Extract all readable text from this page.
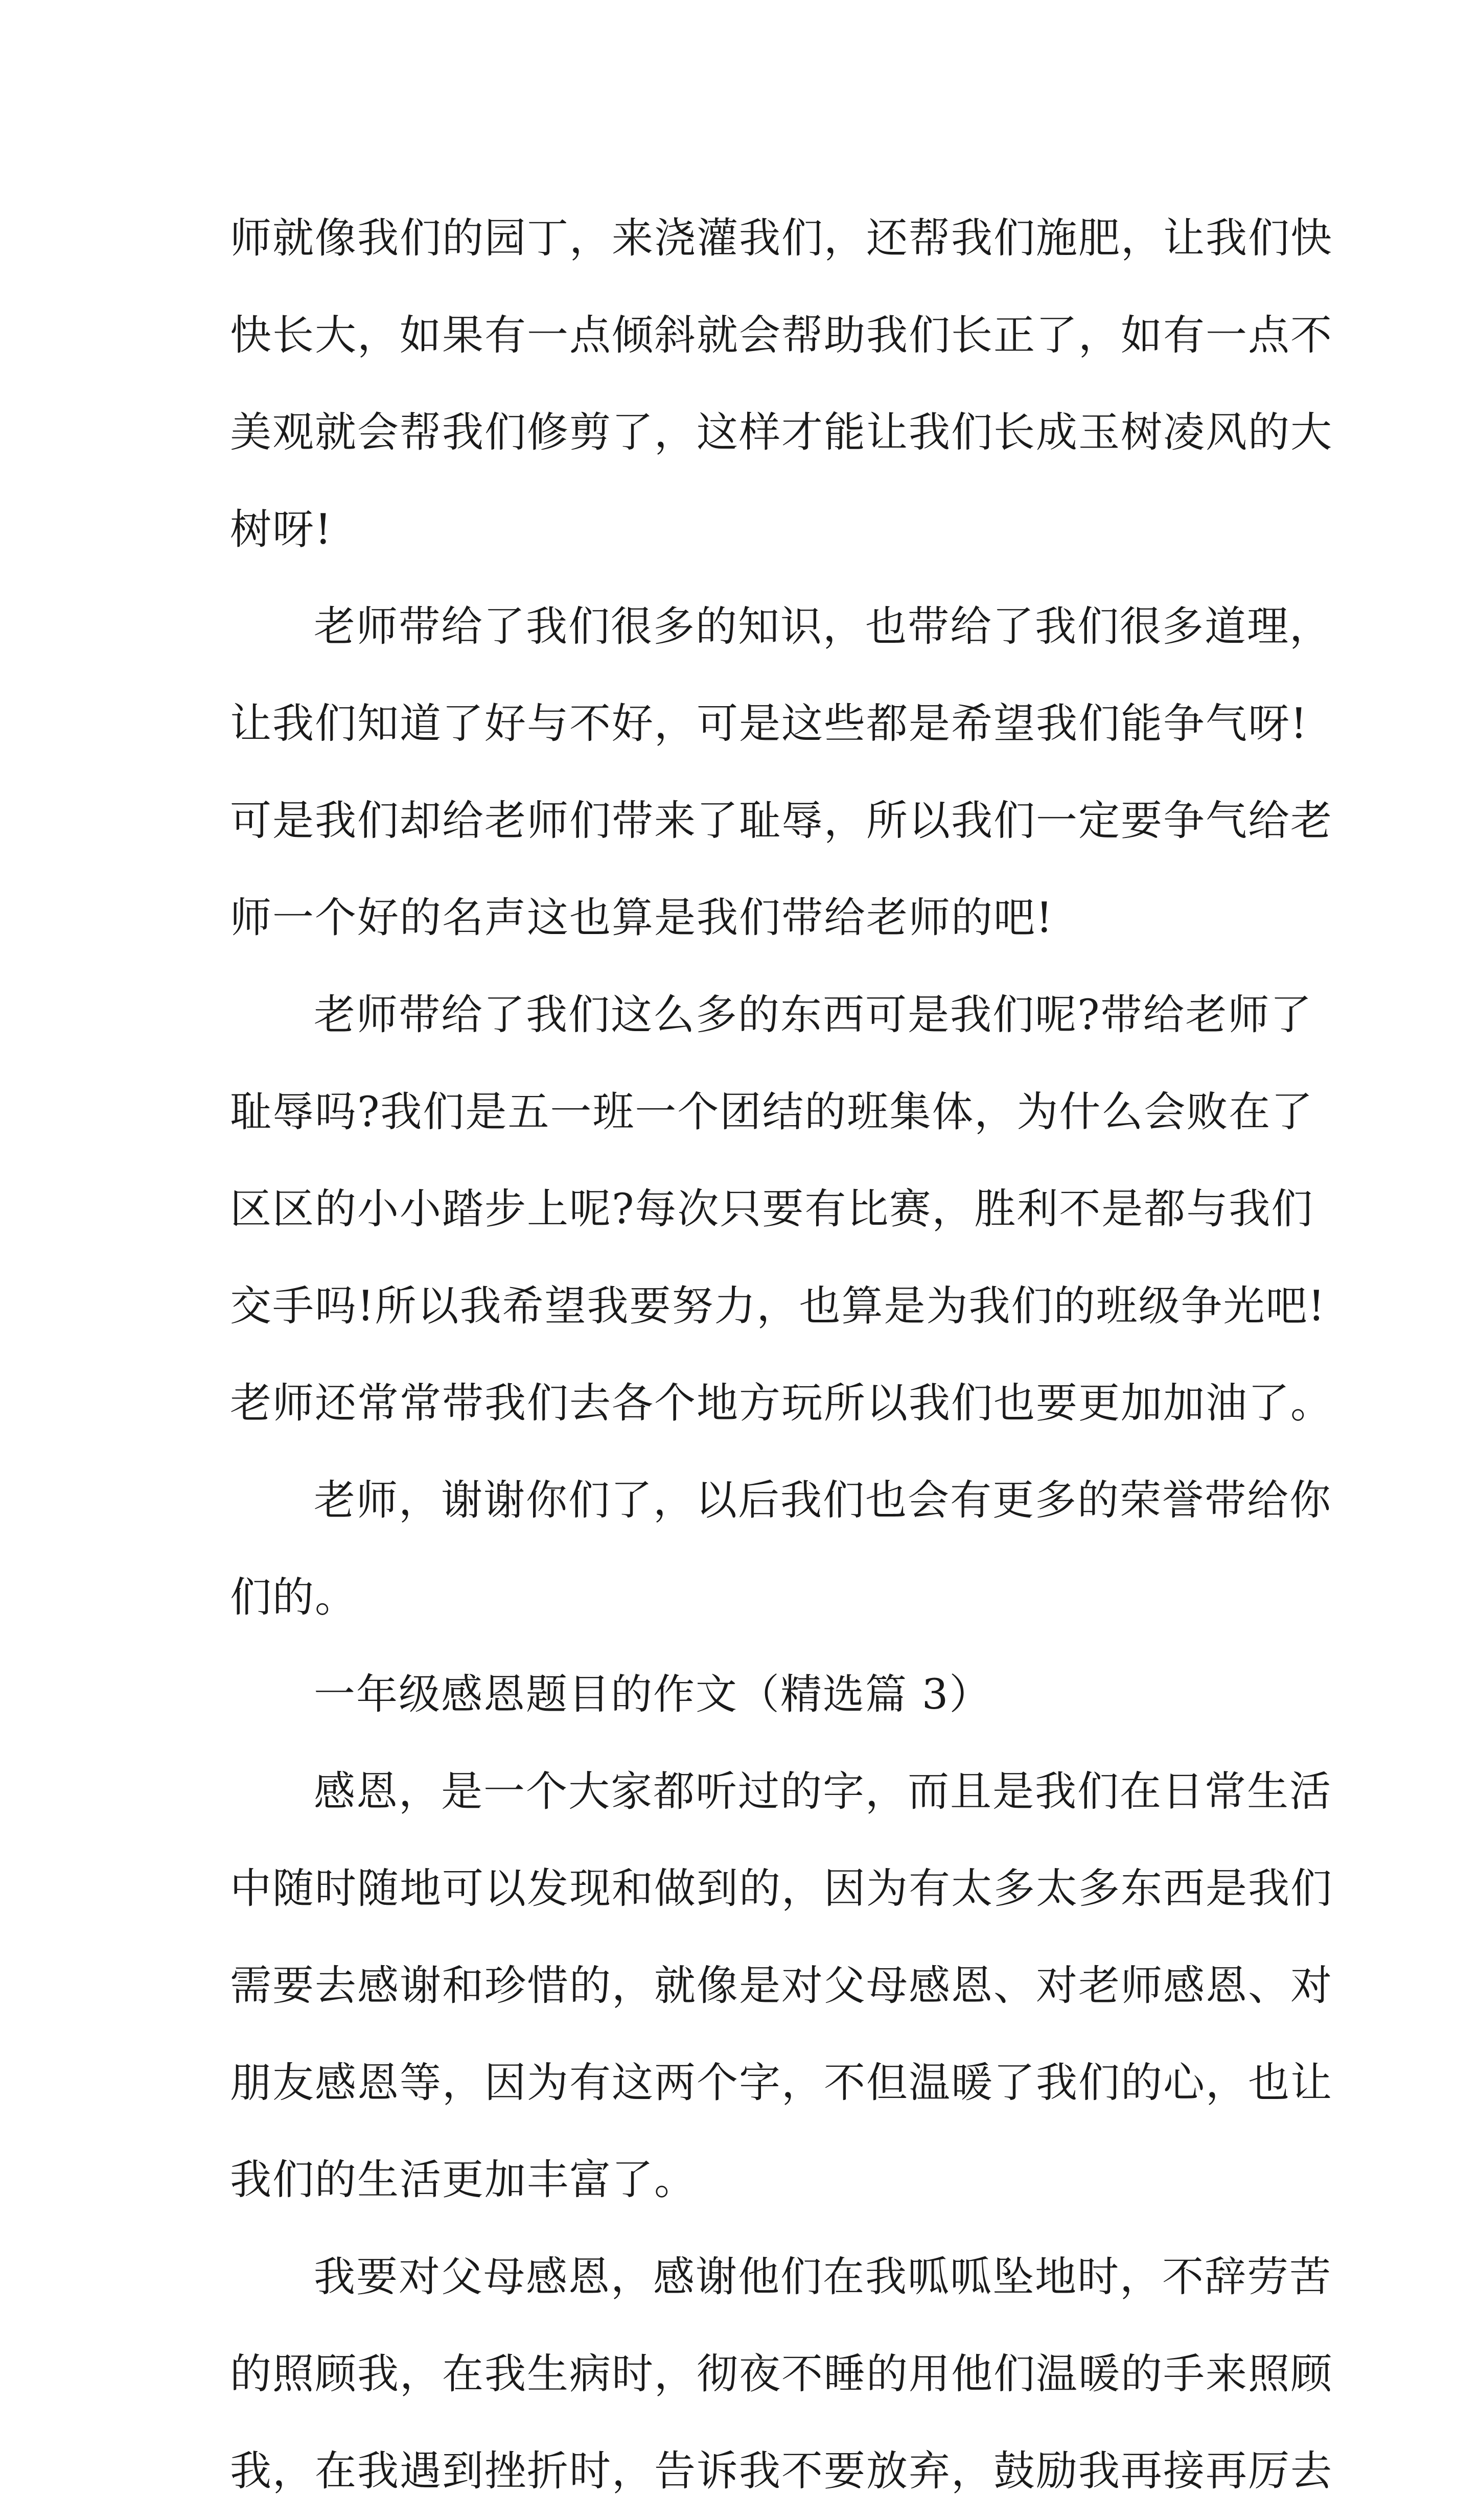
师就像我们的园丁，来浇灌我们，还帮我们施肥，让我们快
快长大，如果有一点倾斜就会帮助我们长正了，如有一点不
美观就会帮我们修剪了，这样才能让我们长成玉树凌风的大
树呀!
老师带给了我们很多的知识，也带给了我们很多道理，
让我们知道了好与不好，可是这些都是希望我们能争气呀!
可是我们却给老师们带来了耻辱，所以我们一定要争气给老
师一个好的名声这也算是我们带给老师的吧!
老师带给了我们这么多的东西可是我们呢?带给老师了
耻辱吗?我们是五一班一个团结的班集体，为什么会败在了
区区的小小踏步上呢?每次只要有比赛，胜利不是都与我们
交手吗!所以我希望我要努力，也算是为我们的班级争光吧!
老师还常常带我们去各个地方玩所以我们也要更加加油了。
老师，谢谢你们了，以后我们也会有更多的荣誉带给你
们的。
一年级感恩题目的作文（精选篇 3）
感恩，是一个大家都听过的字，而且是我们在日常生活
中随时随地可以发现和做到的，因为有太多太多东西是我们
需要去感谢和珍惜的，就像是对父母感恩、对老师感恩、对
朋友感恩等，因为有这两个字，不但温暖了我们的心，也让
我们的生活更加丰富了。
我要对父母感恩，感谢他们在我呱呱坠地时，不辞劳苦
的照顾我，在我生病时，彻夜不睡的用他们温暖的手来照顾
我，在我遇到挫折时，告诉我不要放弃，鼓励我再接再厉去
